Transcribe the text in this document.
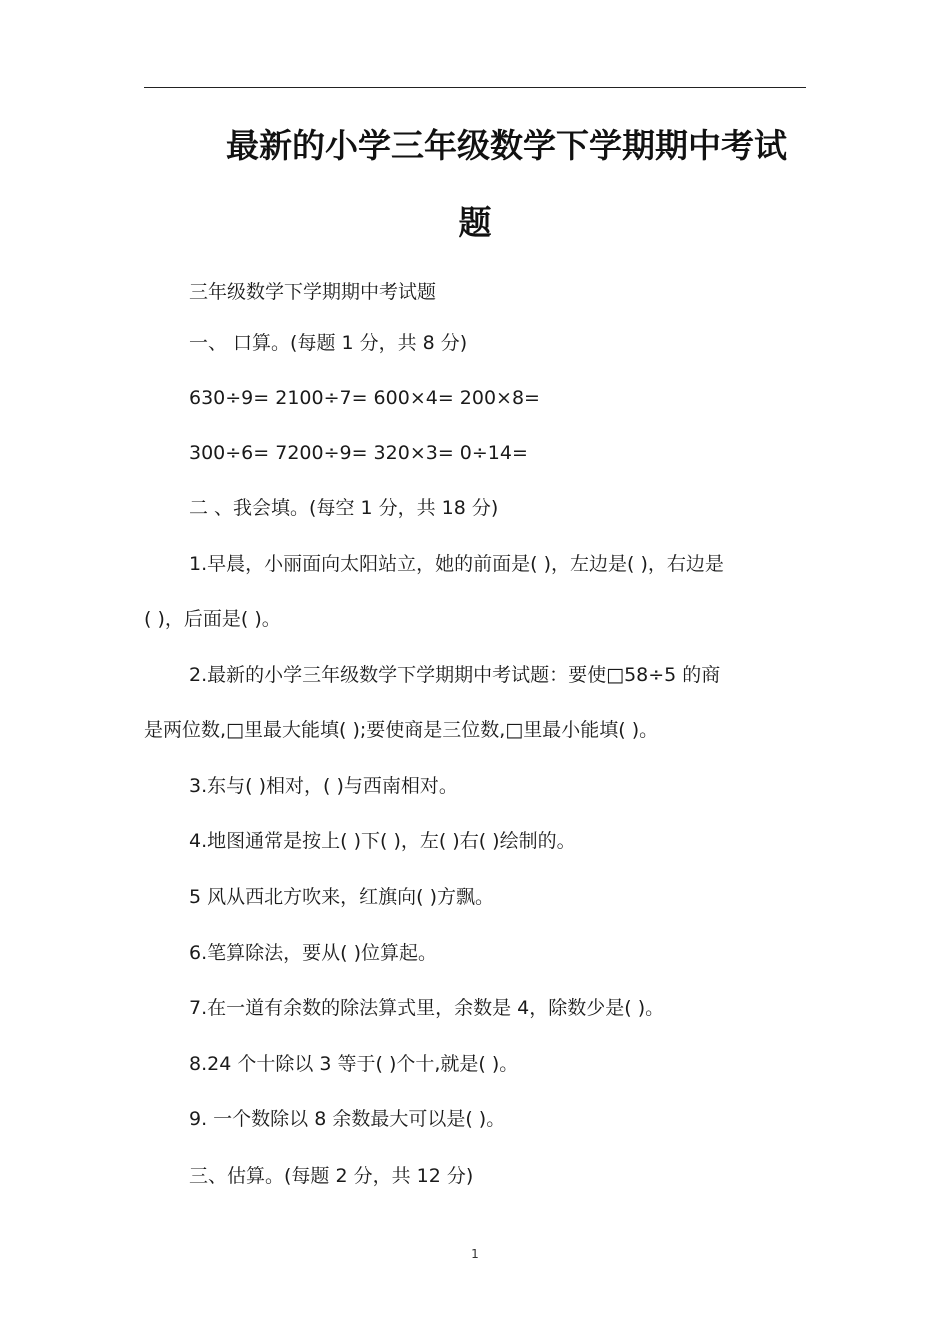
最新的小学三年级数学下学期期中考试
题
三年级数学下学期期中考试题
一、 口算。(每题 1 分，共 8 分)
630÷9= 2100÷7= 600×4= 200×8=
300÷6= 7200÷9= 320×3= 0÷14=
二 、我会填。(每空 1 分，共 18 分)
1.早晨，小丽面向太阳站立，她的前面是( )，左边是( )，右边是
( )，后面是( )。
2.最新的小学三年级数学下学期期中考试题：要使□58÷5 的商
是两位数,□里最大能填( );要使商是三位数,□里最小能填( )。
3.东与( )相对，( )与西南相对。
4.地图通常是按上( )下( )，左( )右( )绘制的。
5 风从西北方吹来，红旗向( )方飘。
6.笔算除法，要从( )位算起。
7.在一道有余数的除法算式里，余数是 4，除数少是( )。
8.24 个十除以 3 等于( )个十,就是( )。
9. 一个数除以 8 余数最大可以是( )。
三、估算。(每题 2 分，共 12 分)
1
